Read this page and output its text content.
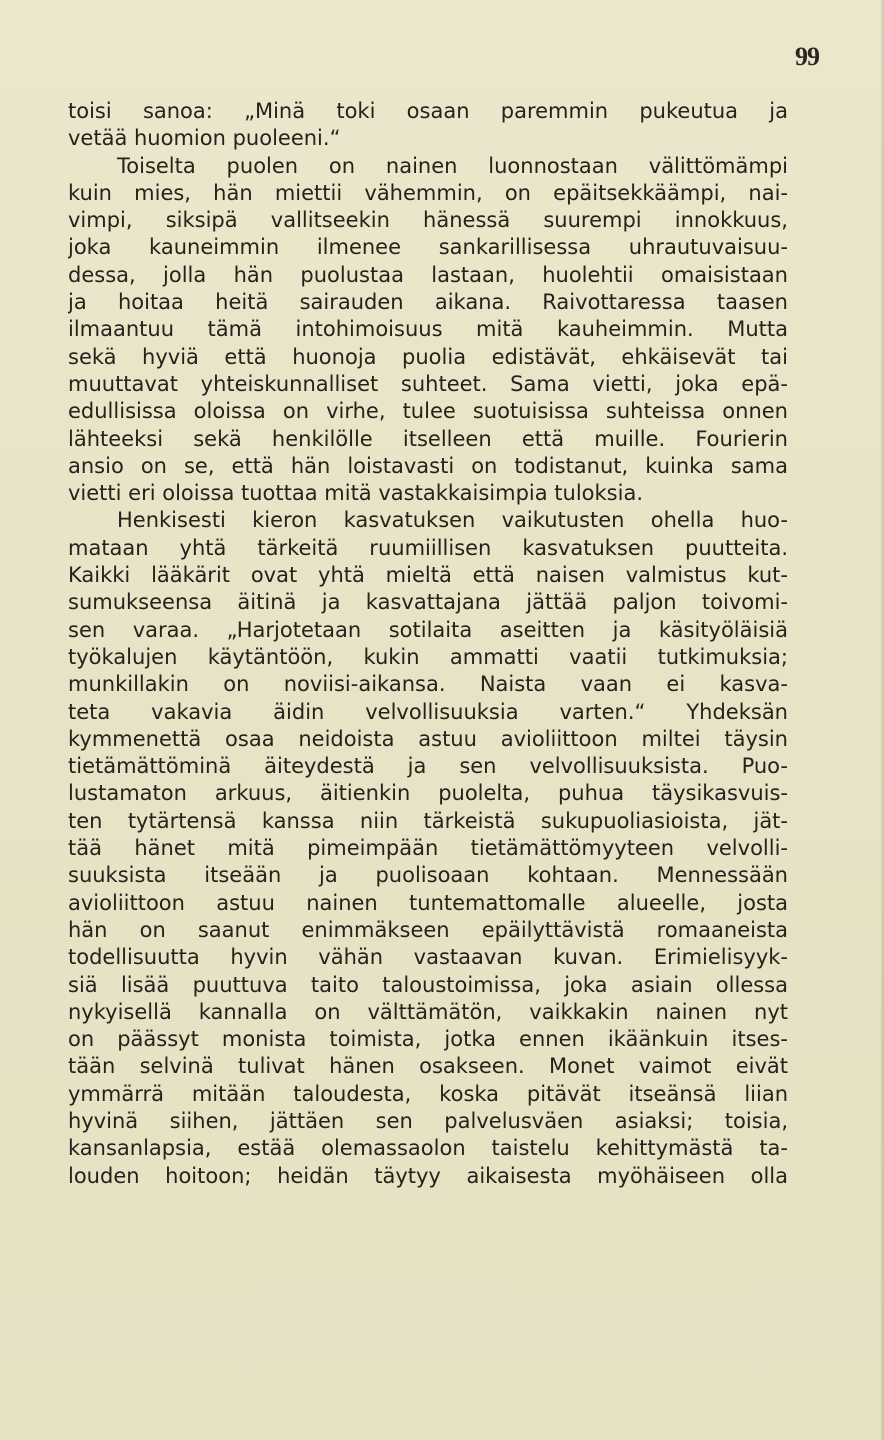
99
toisi sanoa: „Minä toki osaan paremmin pukeutua ja
vetää huomion puoleeni.“
Toiselta puolen on nainen luonnostaan välittömämpi
kuin mies, hän miettii vähemmin, on epäitsekkäämpi, nai-
vimpi, siksipä vallitseekin hänessä suurempi innokkuus,
joka kauneimmin ilmenee sankarillisessa uhrautuvaisuu-
dessa, jolla hän puolustaa lastaan, huolehtii omaisistaan
ja hoitaa heitä sairauden aikana. Raivottaressa taasen
ilmaantuu tämä intohimoisuus mitä kauheimmin. Mutta
sekä hyviä että huonoja puolia edistävät, ehkäisevät tai
muuttavat yhteiskunnalliset suhteet. Sama vietti, joka epä-
edullisissa oloissa on virhe, tulee suotuisissa suhteissa onnen
lähteeksi sekä henkilölle itselleen että muille. Fourierin
ansio on se, että hän loistavasti on todistanut, kuinka sama
vietti eri oloissa tuottaa mitä vastakkaisimpia tuloksia.
Henkisesti kieron kasvatuksen vaikutusten ohella huo-
mataan yhtä tärkeitä ruumiillisen kasvatuksen puutteita.
Kaikki lääkärit ovat yhtä mieltä että naisen valmistus kut-
sumukseensa äitinä ja kasvattajana jättää paljon toivomi-
sen varaa. „Harjotetaan sotilaita aseitten ja käsityöläisiä
työkalujen käytäntöön, kukin ammatti vaatii tutkimuksia;
munkillakin on noviisi-aikansa. Naista vaan ei kasva-
teta vakavia äidin velvollisuuksia varten.“ Yhdeksän
kymmenettä osaa neidoista astuu avioliittoon miltei täysin
tietämättöminä äiteydestä ja sen velvollisuuksista. Puo-
lustamaton arkuus, äitienkin puolelta, puhua täysikasvuis-
ten tytärtensä kanssa niin tärkeistä sukupuoliasioista, jät-
tää hänet mitä pimeimpään tietämättömyyteen velvolli-
suuksista itseään ja puolisoaan kohtaan. Mennessään
avioliittoon astuu nainen tuntemattomalle alueelle, josta
hän on saanut enimmäkseen epäilyttävistä romaaneista
todellisuutta hyvin vähän vastaavan kuvan. Erimielisyyk-
siä lisää puuttuva taito taloustoimissa, joka asiain ollessa
nykyisellä kannalla on välttämätön, vaikkakin nainen nyt
on päässyt monista toimista, jotka ennen ikäänkuin itses-
tään selvinä tulivat hänen osakseen. Monet vaimot eivät
ymmärrä mitään taloudesta, koska pitävät itseänsä liian
hyvinä siihen, jättäen sen palvelusväen asiaksi; toisia,
kansanlapsia, estää olemassaolon taistelu kehittymästä ta-
louden hoitoon; heidän täytyy aikaisesta myöhäiseen olla
